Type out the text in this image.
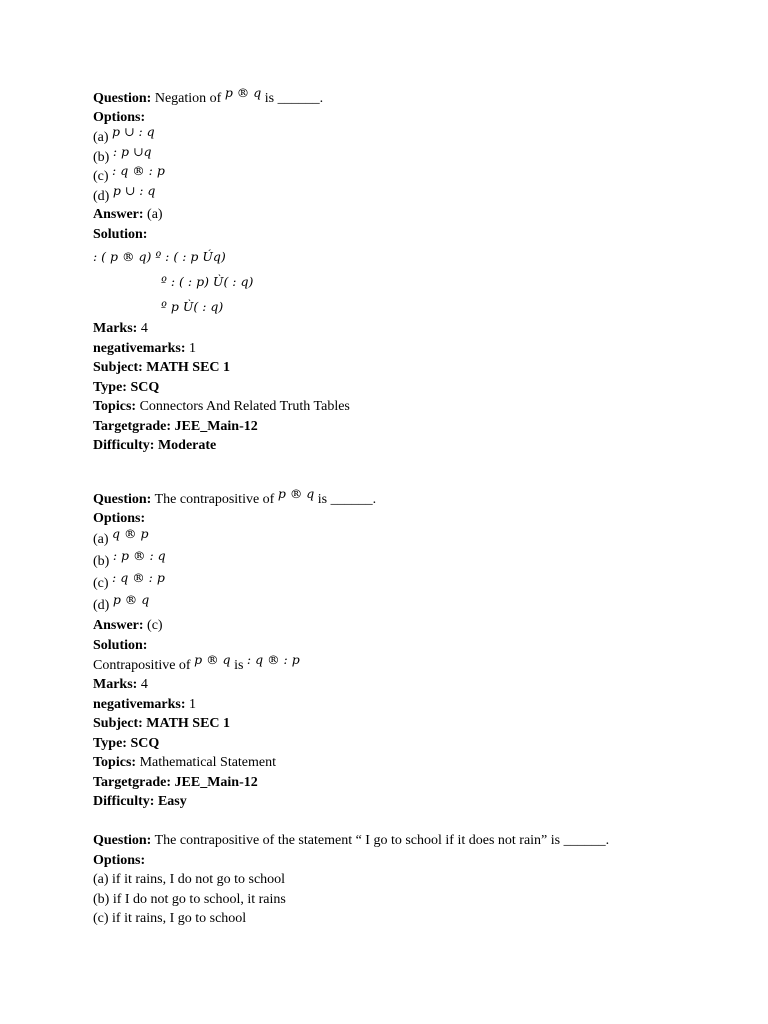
Question: Negation of p ® q is ______.
Options:
(a) p ∪ : q
(b) : p ∪q
(c) : q ® : p
(d) p ∪ : q
Answer: (a)
Solution:
: ( p ® q) º : ( : p Úq)
º : ( : p) Ù( : q)
º p Ù( : q)
Marks: 4
negativemarks: 1
Subject: MATH SEC 1
Type: SCQ
Topics: Connectors And Related Truth Tables
Targetgrade: JEE_Main-12
Difficulty: Moderate
Question: The contrapositive of p ® q is ______.
Options:
(a) q ® p
(b) : p ® : q
(c) : q ® : p
(d) p ® q
Answer: (c)
Solution:
Contrapositive of p ® q is : q ® : p
Marks: 4
negativemarks: 1
Subject: MATH SEC 1
Type: SCQ
Topics: Mathematical Statement
Targetgrade: JEE_Main-12
Difficulty: Easy
Question: The contrapositive of the statement “ I go to school if it does not rain” is ______.
Options:
(a) if it rains, I do not go to school
(b) if I do not go to school, it rains
(c) if it rains, I go to school
